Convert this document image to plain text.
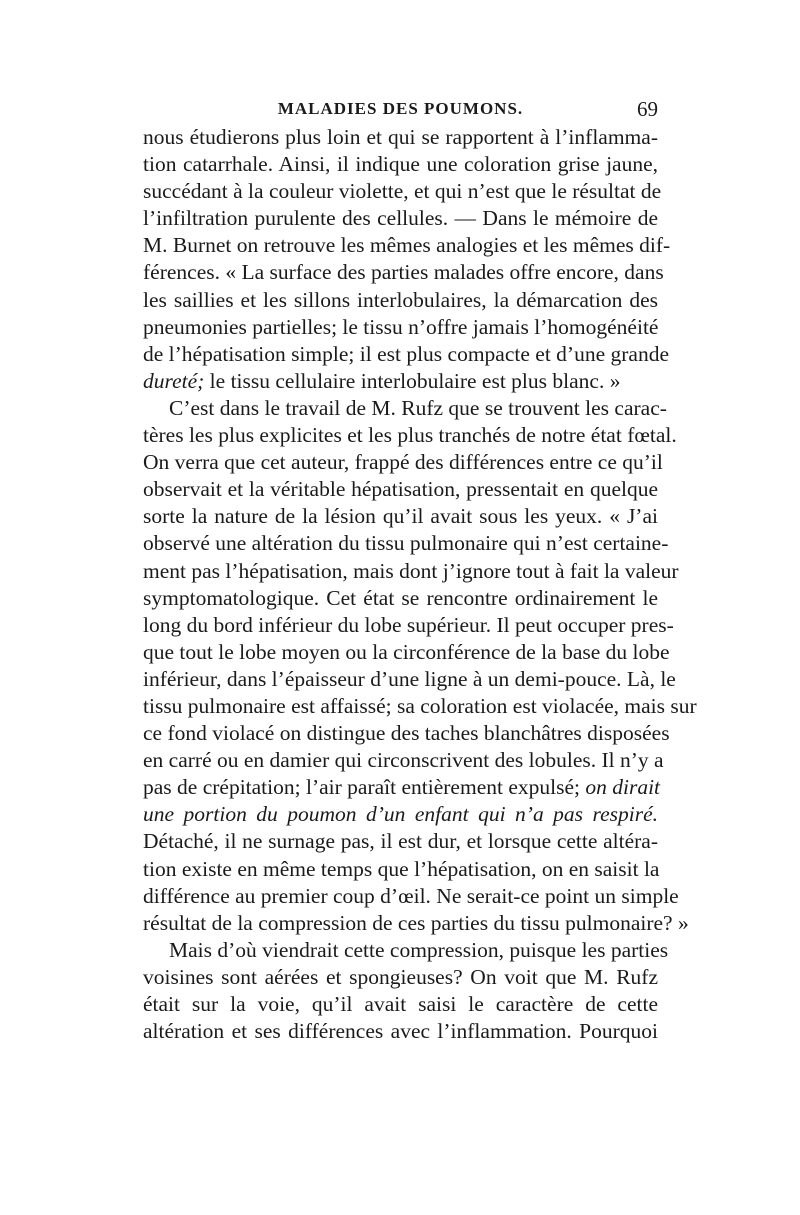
MALADIES DES POUMONS.	69
nous étudierons plus loin et qui se rapportent à l’inflamma-
tion catarrhale. Ainsi, il indique une coloration grise jaune,
succédant à la couleur violette, et qui n’est que le résultat de
l’infiltration purulente des cellules. — Dans le mémoire de
M. Burnet on retrouve les mêmes analogies et les mêmes dif-
férences. « La surface des parties malades offre encore, dans
les saillies et les sillons interlobulaires, la démarcation des
pneumonies partielles; le tissu n’offre jamais l’homogénéité
de l’hépatisation simple; il est plus compacte et d’une grande
dureté; le tissu cellulaire interlobulaire est plus blanc. »
C’est dans le travail de M. Rufz que se trouvent les carac-
tères les plus explicites et les plus tranchés de notre état fœtal.
On verra que cet auteur, frappé des différences entre ce qu’il
observait et la véritable hépatisation, pressentait en quelque
sorte la nature de la lésion qu’il avait sous les yeux. « J’ai
observé une altération du tissu pulmonaire qui n’est certaine-
ment pas l’hépatisation, mais dont j’ignore tout à fait la valeur
symptomatologique. Cet état se rencontre ordinairement le
long du bord inférieur du lobe supérieur. Il peut occuper pres-
que tout le lobe moyen ou la circonférence de la base du lobe
inférieur, dans l’épaisseur d’une ligne à un demi-pouce. Là, le
tissu pulmonaire est affaissé; sa coloration est violacée, mais sur
ce fond violacé on distingue des taches blanchâtres disposées
en carré ou en damier qui circonscrivent des lobules. Il n’y a
pas de crépitation; l’air paraît entièrement expulsé; on dirait
une portion du poumon d’un enfant qui n’a pas respiré.
Détaché, il ne surnage pas, il est dur, et lorsque cette altéra-
tion existe en même temps que l’hépatisation, on en saisit la
différence au premier coup d’œil. Ne serait-ce point un simple
résultat de la compression de ces parties du tissu pulmonaire? »
Mais d’où viendrait cette compression, puisque les parties
voisines sont aérées et spongieuses? On voit que M. Rufz
était sur la voie, qu’il avait saisi le caractère de cette
altération et ses différences avec l’inflammation. Pourquoi
